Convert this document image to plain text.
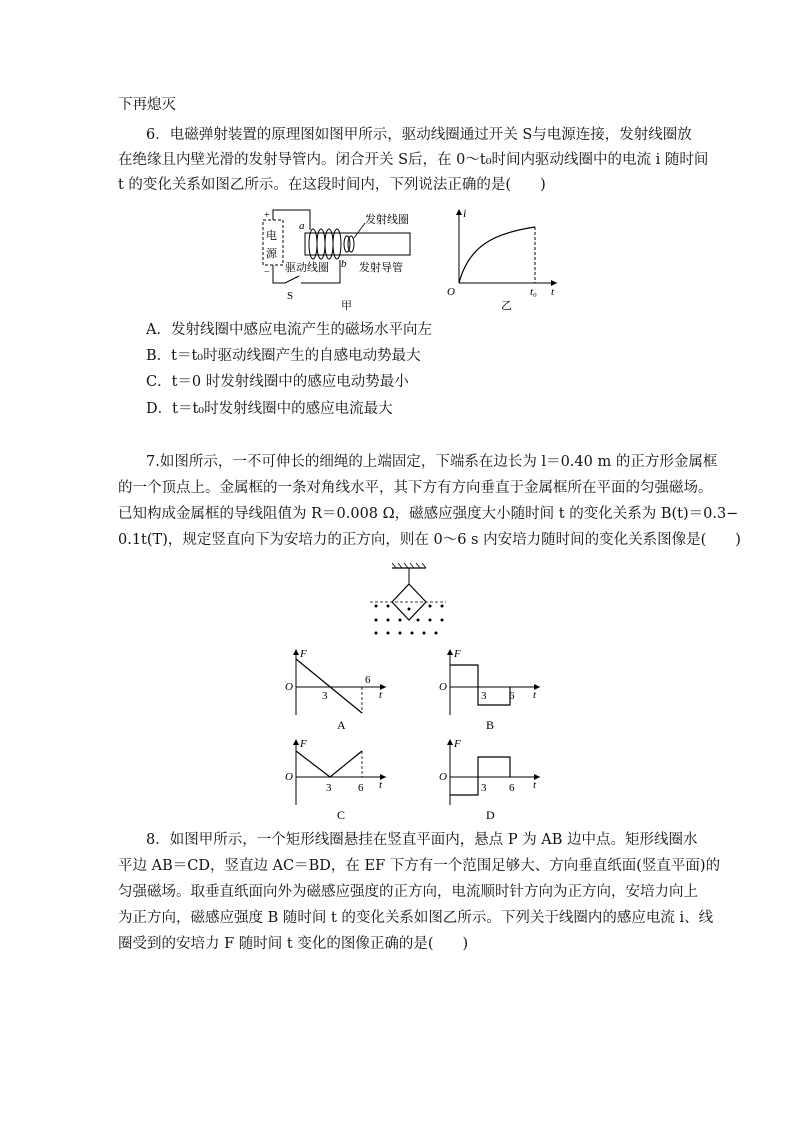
下再熄灭
6．电磁弹射装置的原理图如图甲所示，驱动线圈通过开关 S与电源连接，发射线圈放
在绝缘且内壁光滑的发射导管内。闭合开关 S后，在 0～t₀时间内驱动线圈中的电流 i 随时间
t 的变化关系如图乙所示。在这段时间内，下列说法正确的是(　　)
电
源
+
−
a
b
发射线圈
驱动线圈	发射导管
S
甲
i
O	t₀ t
乙
A．发射线圈中感应电流产生的磁场水平向左
B．t＝t₀时驱动线圈产生的自感电动势最大
C．t＝0 时发射线圈中的感应电动势最小
D．t＝t₀时发射线圈中的感应电流最大
7.如图所示，一不可伸长的细绳的上端固定，下端系在边长为 l＝0.40 m 的正方形金属框
的一个顶点上。金属框的一条对角线水平，其下方有方向垂直于金属框所在平面的匀强磁场。
已知构成金属框的导线阻值为 R＝0.008 Ω，磁感应强度大小随时间 t 的变化关系为 B(t)＝0.3−
0.1t(T)，规定竖直向下为安培力的正方向，则在 0～6 s 内安培力随时间的变化关系图像是(　　)
F
O
3
6
t
A
F
O
3 6 t
B
F
O
3 6 t
C
F
O
3 6 t
D
8．如图甲所示，一个矩形线圈悬挂在竖直平面内，悬点 P 为 AB 边中点。矩形线圈水
平边 AB＝CD，竖直边 AC＝BD，在 EF 下方有一个范围足够大、方向垂直纸面(竖直平面)的
匀强磁场。取垂直纸面向外为磁感应强度的正方向，电流顺时针方向为正方向，安培力向上
为正方向，磁感应强度 B 随时间 t 的变化关系如图乙所示。下列关于线圈内的感应电流 i、线
圈受到的安培力 F 随时间 t 变化的图像正确的是(　　)
